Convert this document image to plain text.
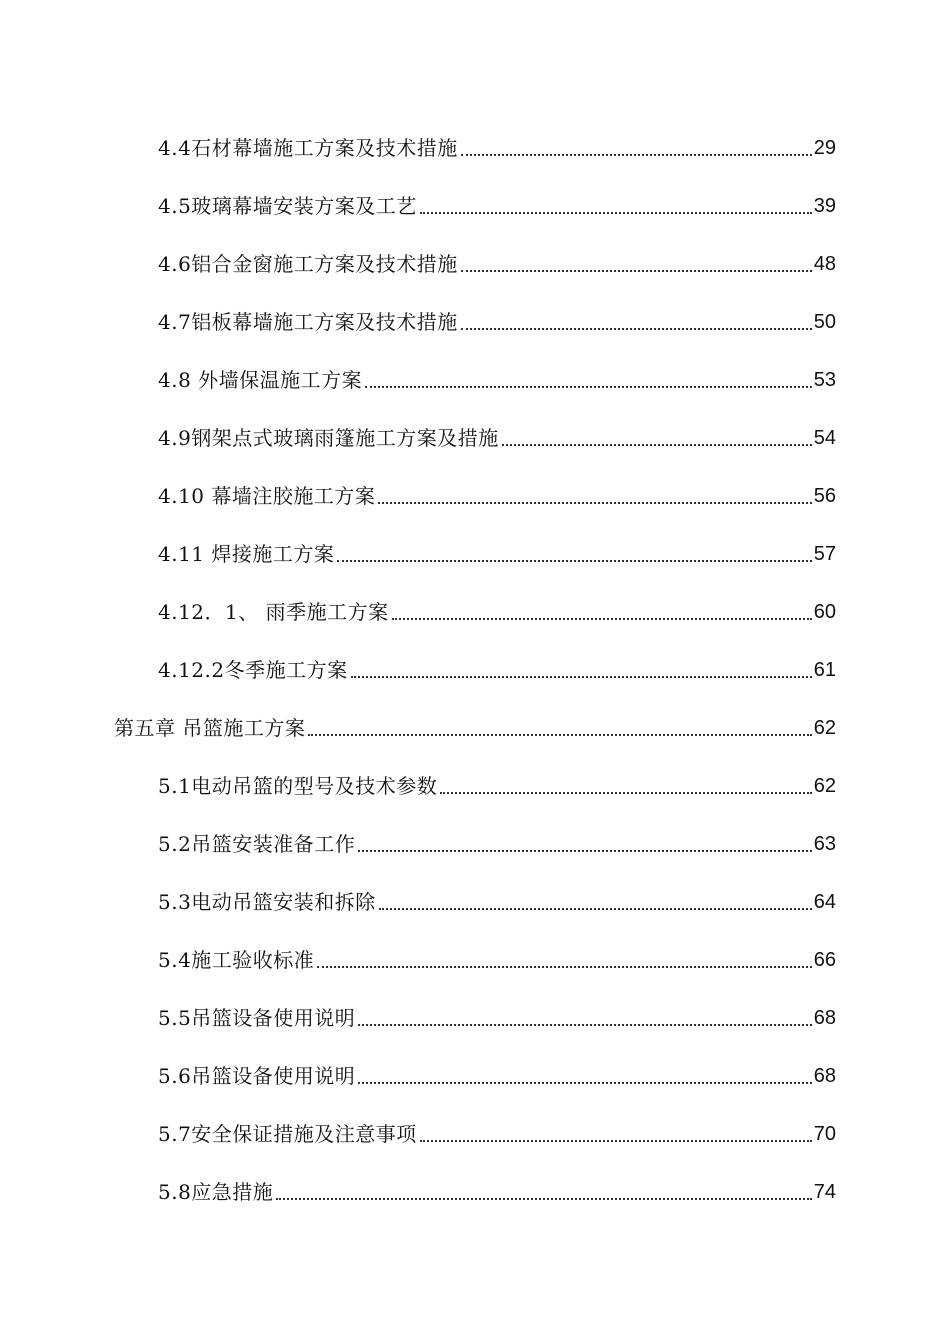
4.4石材幕墙施工方案及技术措施	29
4.5玻璃幕墙安装方案及工艺	39
4.6铝合金窗施工方案及技术措施	48
4.7铝板幕墙施工方案及技术措施	50
4.8 外墙保温施工方案	53
4.9钢架点式玻璃雨篷施工方案及措施	54
4.10 幕墙注胶施工方案	56
4.11 焊接施工方案	57
4.12．1、 雨季施工方案	60
4.12.2冬季施工方案	61
第五章 吊篮施工方案	62
5.1电动吊篮的型号及技术参数	62
5.2吊篮安装准备工作	63
5.3电动吊篮安装和拆除	64
5.4施工验收标准	66
5.5吊篮设备使用说明	68
5.6吊篮设备使用说明	68
5.7安全保证措施及注意事项	70
5.8应急措施	74
